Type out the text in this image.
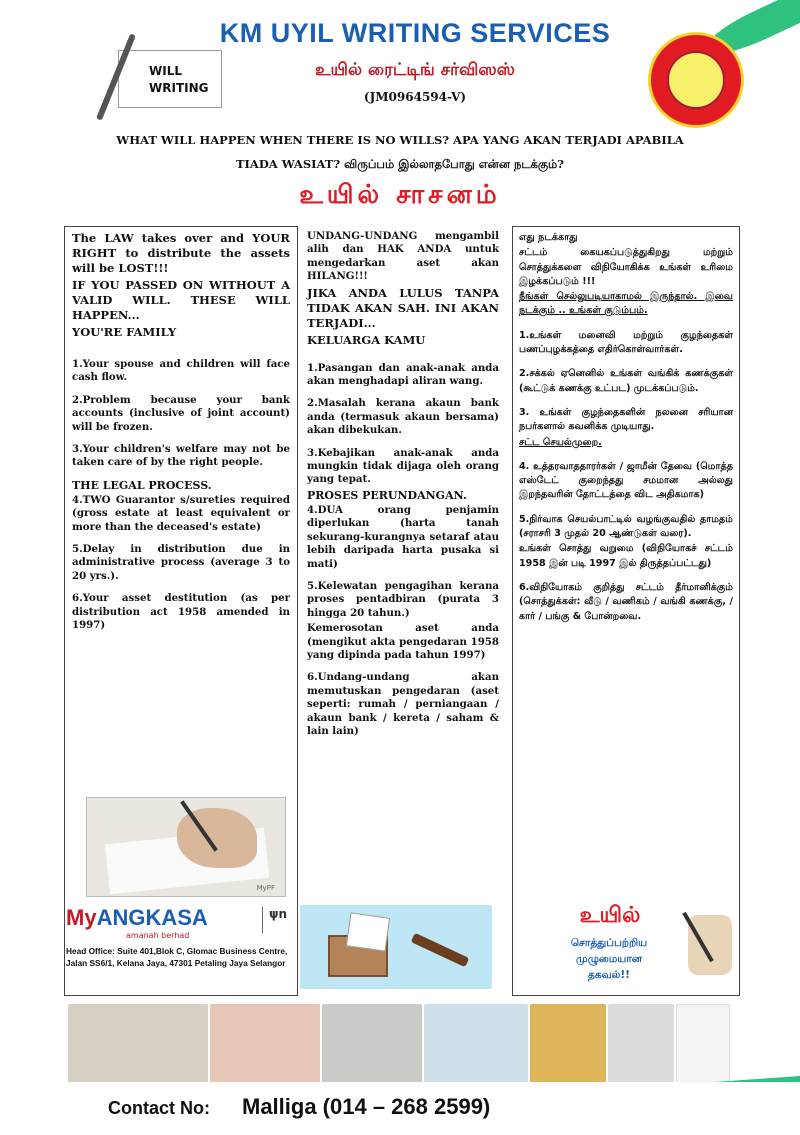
WILL WRITING
KM UYIL WRITING SERVICES
உயில் ரைட்டிங் சர்விஸஸ்
(JM0964594-V)
WHAT WILL HAPPEN WHEN THERE IS NO WILLS? APA YANG AKAN TERJADI APABILA
TIADA WASIAT? விருப்பம் இல்லாதபோது என்ன நடக்கும்?
உயில் சாசனம்
The LAW takes over and YOUR RIGHT to distribute the assets will be LOST!!!
IF YOU PASSED ON WITHOUT A VALID WILL. THESE WILL HAPPEN...
YOU'RE FAMILY
1.Your spouse and children will face cash flow.
2.Problem because your bank accounts (inclusive of joint account) will be frozen.
3.Your children's welfare may not be taken care of by the right people.
THE LEGAL PROCESS.
4.TWO Guarantor s/sureties required (gross estate at least equivalent or more than the deceased's estate)
5.Delay in distribution due in administrative process (average 3 to 20 yrs.).
6.Your asset destitution (as per distribution act 1958 amended in 1997)
UNDANG-UNDANG mengambil alih dan HAK ANDA untuk mengedarkan aset akan HILANG!!!
JIKA ANDA LULUS TANPA TIDAK AKAN SAH. INI AKAN TERJADI...
KELUARGA KAMU
1.Pasangan dan anak-anak anda akan menghadapi aliran wang.
2.Masalah kerana akaun bank anda (termasuk akaun bersama) akan dibekukan.
3.Kebajikan anak-anak anda mungkin tidak dijaga oleh orang yang tepat.
PROSES PERUNDANGAN.
4.DUA orang penjamin diperlukan (harta tanah sekurang-kurangnya setaraf atau lebih daripada harta pusaka si mati)
5.Kelewatan pengagihan kerana proses pentadbiran (purata 3 hingga 20 tahun.)
Kemerosotan aset anda (mengikut akta pengedaran 1958 yang dipinda pada tahun 1997)
6.Undang-undang akan memutuskan pengedaran (aset seperti: rumah / perniangaan / akaun bank / kereta / saham & lain lain)
எது நடக்காது
சட்டம் கையகப்படுத்துகிறது மற்றும் சொத்துக்களை விநியோகிக்க உங்கள் உரிமை இழக்கப்படும் !!!
நீங்கள் செல்லுபடியாகாமல் இருந்தால். இவை நடக்கும் .. உங்கள் குடும்பம்.
1.உங்கள் மனைவி மற்றும் குழந்தைகள் பணப்புழக்கத்தை எதிர்கொள்வார்கள்.
2.சக்கல் ஏனெனில் உங்கள் வங்கிக் கணக்குகள் (கூட்டுக் கணக்கு உட்பட) முடக்கப்படும்.
3. உங்கள் குழந்தைகளின் நலனை சரியான நபர்களால் கவனிக்க முடியாது.
சட்ட செயல்முறை.
4. உத்தரவாததாரர்கள் / ஜாமீன் தேவை (மொத்த எஸ்டேட் குறைந்தது சமமான அல்லது இறந்தவரின் தோட்டத்தை விட அதிகமாக)
5.நிர்வாக செயல்பாட்டில் வழங்குவதில் தாமதம் (சராசரி 3 முதல் 20 ஆண்டுகள் வரை).
உங்கள் சொத்து வறுமை (விநியோகச் சட்டம் 1958 இன் படி 1997 இல் திருத்தப்பட்டது)
6.விநியோகம் குறித்து சட்டம் தீர்மானிக்கும் (சொத்துக்கள்: வீடு / வணிகம் / வங்கி கணக்கு, / கார் / பங்கு & போன்றவை.
MyPF
MyANGKASA
amanah berhad
ψn
Head Office: Suite 401,Blok C, Glomac Business Centre, Jalan SS6/1, Kelana Jaya, 47301 Petaling Jaya Selangor
உயில்
சொத்துப்பற்றிய
முழுமையான
தகவல்!!
Contact No: Malliga (014 – 268 2599)
